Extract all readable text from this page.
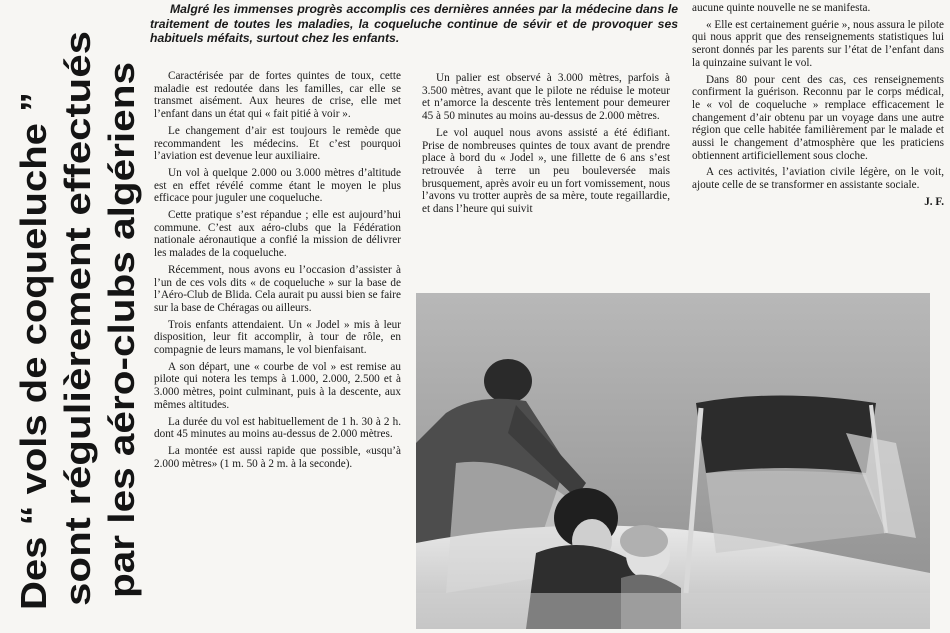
Des “ vols de coqueluche ” sont régulièrement effectués par les aéro-clubs algériens

Malgré les immenses progrès accomplis ces dernières années par la médecine dans le traitement de toutes les maladies, la coqueluche continue de sévir et de provoquer ses habituels méfaits, surtout chez les enfants.

Caractérisée par de fortes quintes de toux, cette maladie est redoutée dans les familles, car elle se transmet aisément. Aux heures de crise, elle met l’enfant dans un état qui « fait pitié à voir ».

Le changement d’air est toujours le remède que recommandent les médecins. Et c’est pourquoi l’aviation est devenue leur auxiliaire.

Un vol à quelque 2.000 ou 3.000 mètres d’altitude est en effet révélé comme étant le moyen le plus efficace pour juguler une coqueluche.

Cette pratique s’est répandue ; elle est aujourd’hui commune. C’est aux aéro-clubs que la Fédération nationale aéronautique a confié la mission de délivrer les malades de la coqueluche.

Récemment, nous avons eu l’occasion d’assister à l’un de ces vols dits « de coqueluche » sur la base de l’Aéro-Club de Blida. Cela aurait pu aussi bien se faire sur la base de Chéragas ou ailleurs.

Trois enfants attendaient. Un « Jodel » mis à leur disposition, leur fit accomplir, à tour de rôle, en compagnie de leurs mamans, le vol bienfaisant.

A son départ, une « courbe de vol » est remise au pilote qui notera les temps à 1.000, 2.000, 2.500 et à 3.000 mètres, point culminant, puis à la descente, aux mêmes altitudes.

La durée du vol est habituellement de 1 h. 30 à 2 h. dont 45 minutes au moins au-dessus de 2.000 mètres.

La montée est aussi rapide que possible, «usqu’à 2.000 mètres» (1 m. 50 à 2 m. à la seconde).

Un palier est observé à 3.000 mètres, parfois à 3.500 mètres, avant que le pilote ne réduise le moteur et n’amorce la descente très lentement pour demeurer 45 à 50 minutes au moins au-dessus de 2.000 mètres.

Le vol auquel nous avons assisté a été édifiant. Prise de nombreuses quintes de toux avant de prendre place à bord du « Jodel », une fillette de 6 ans s’est retrouvée à terre un peu bouleversée mais brusquement, après avoir eu un fort vomissement, nous l’avons vu trotter auprès de sa mère, toute regaillardie, et dans l’heure qui suivit

aucune quinte nouvelle ne se manifesta.

« Elle est certainement guérie », nous assura le pilote qui nous apprit que des renseignements statistiques lui seront donnés par les parents sur l’état de l’enfant dans la quinzaine suivant le vol.

Dans 80 pour cent des cas, ces renseignements confirment la guérison. Reconnu par le corps médical, le « vol de coqueluche » remplace efficacement le changement d’air obtenu par un voyage dans une autre région que celle habitée familièrement par le malade et aussi le changement d’atmosphère que les praticiens obtiennent artificiellement sous cloche.

A ces activités, l’aviation civile légère, on le voit, ajoute celle de se transformer en assistante sociale.

J. F.
